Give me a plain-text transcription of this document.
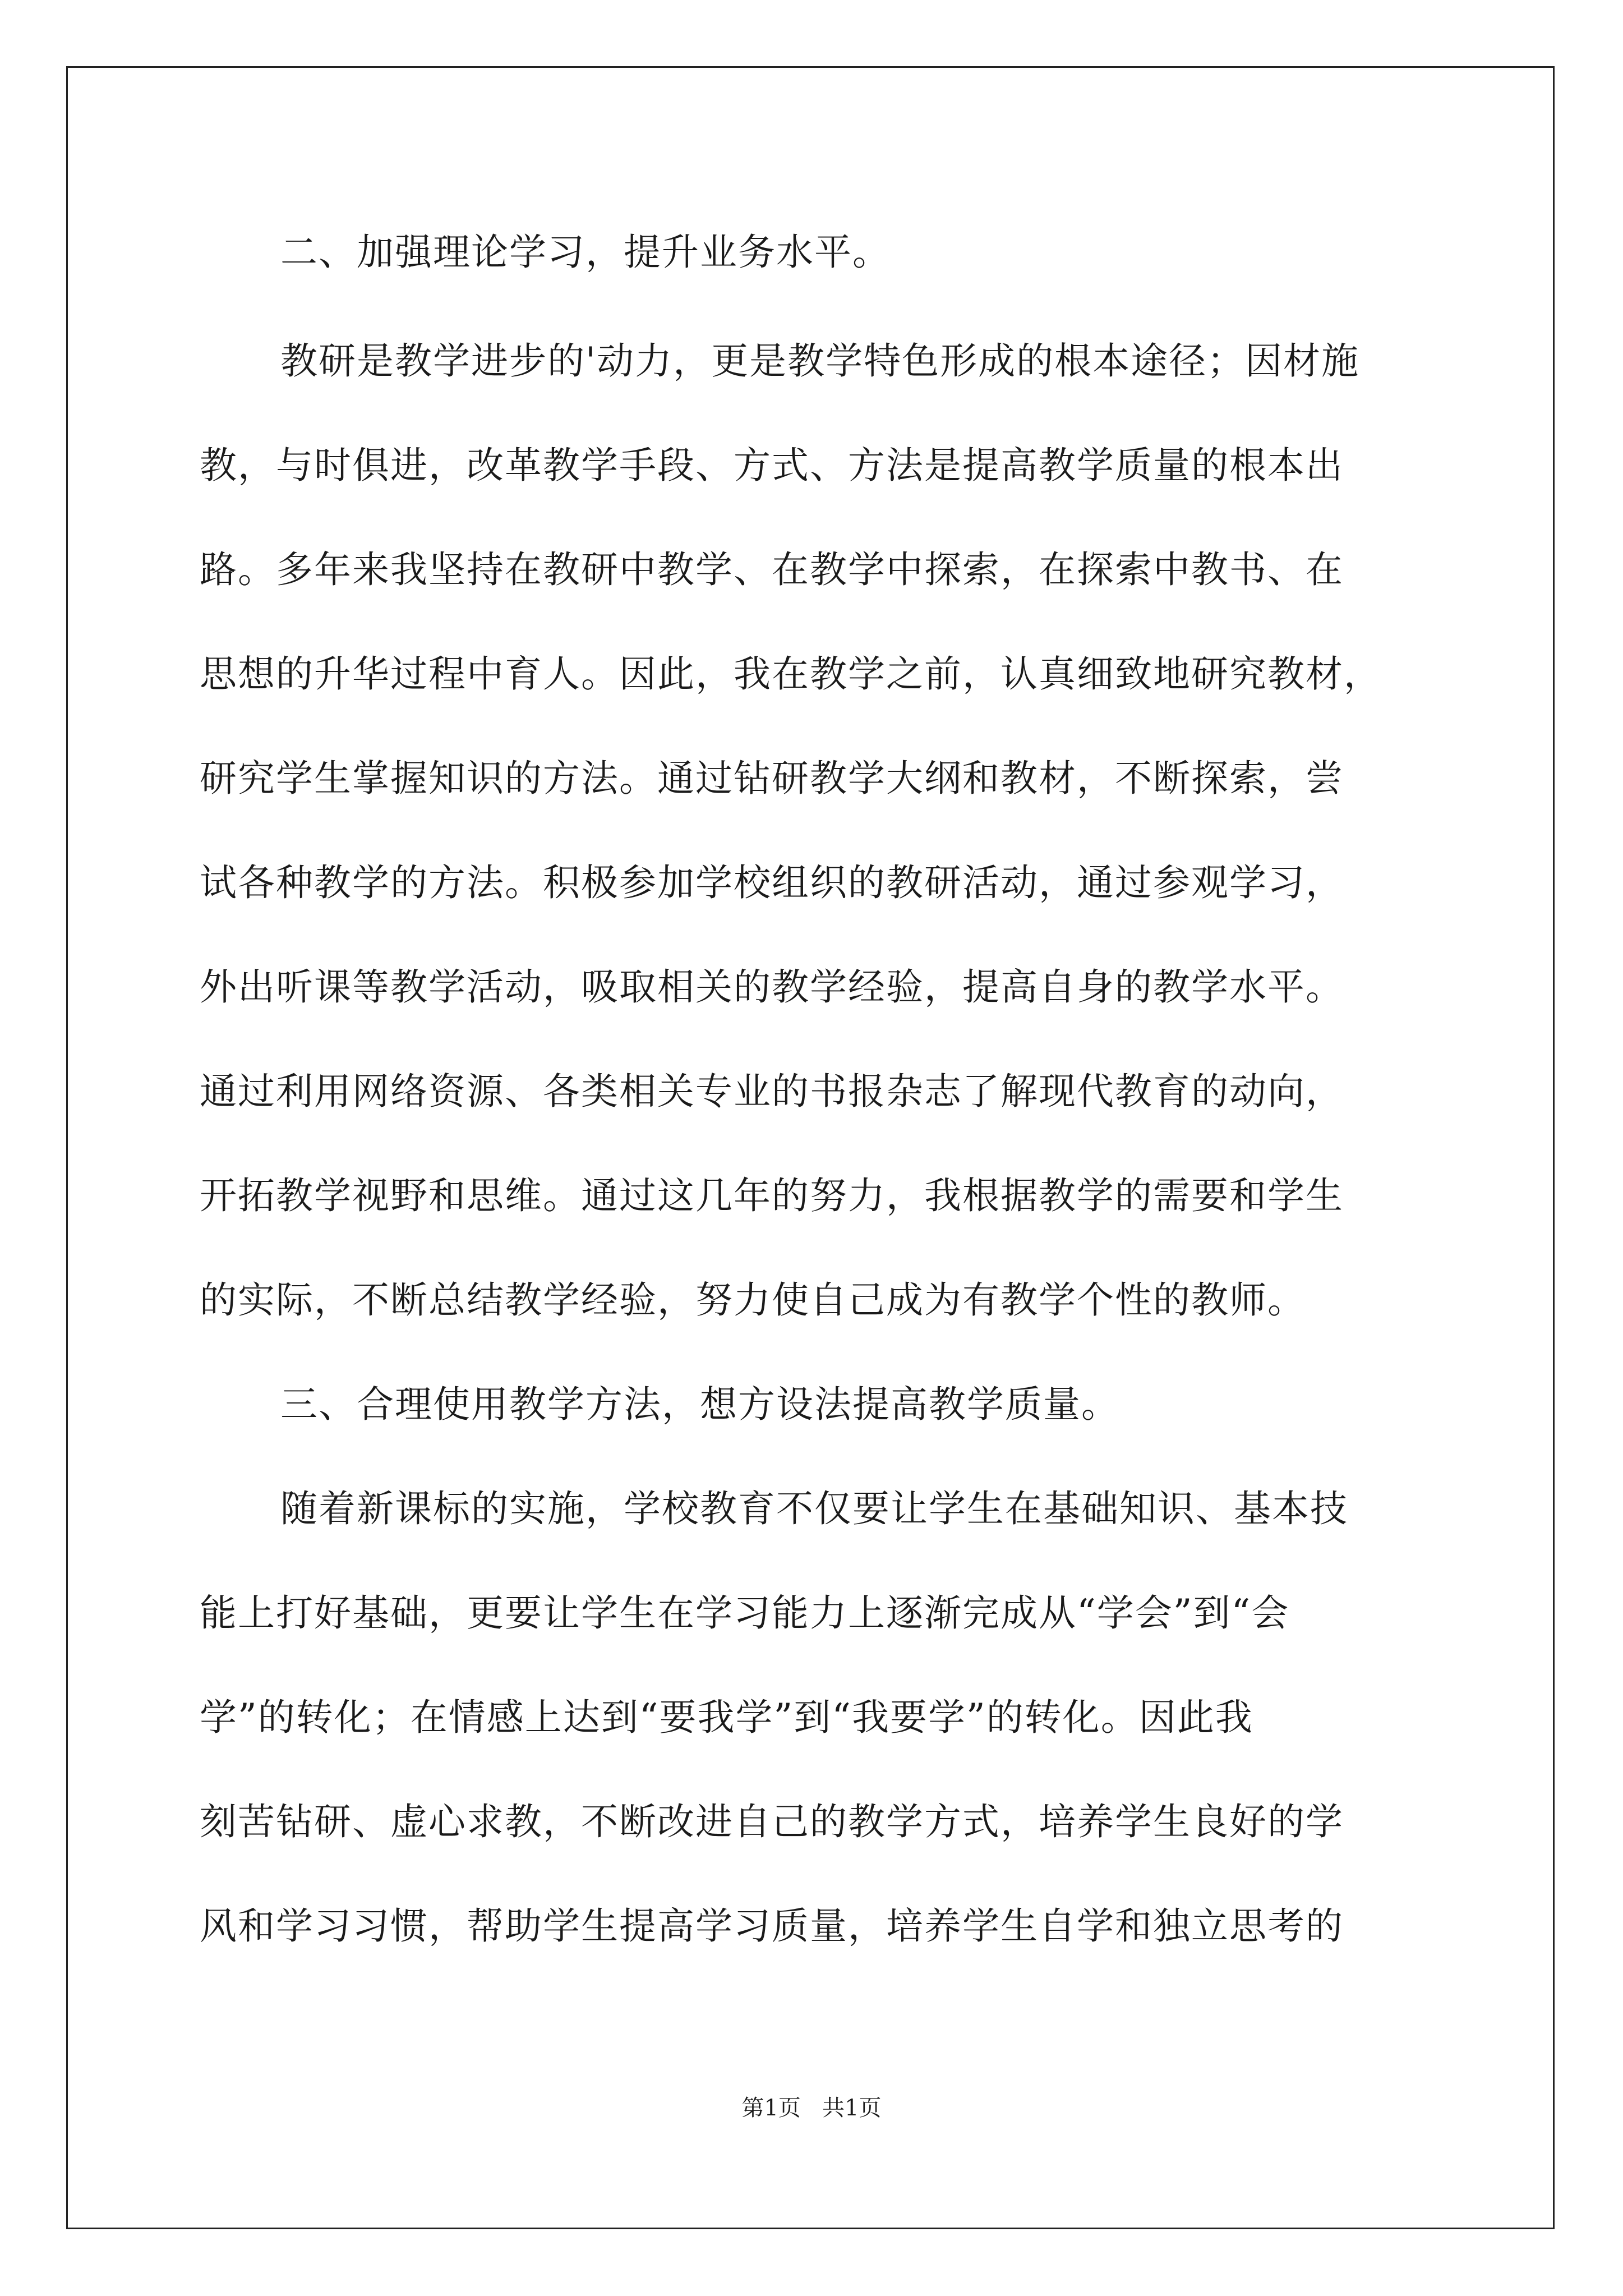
二、加强理论学习，提升业务水平。
教研是教学进步的'动力，更是教学特色形成的根本途径；因材施
教，与时俱进，改革教学手段、方式、方法是提高教学质量的根本出
路。多年来我坚持在教研中教学、在教学中探索，在探索中教书、在
思想的升华过程中育人。因此，我在教学之前，认真细致地研究教材，
研究学生掌握知识的方法。通过钻研教学大纲和教材，不断探索，尝
试各种教学的方法。积极参加学校组织的教研活动，通过参观学习，
外出听课等教学活动，吸取相关的教学经验，提高自身的教学水平。
通过利用网络资源、各类相关专业的书报杂志了解现代教育的动向，
开拓教学视野和思维。通过这几年的努力，我根据教学的需要和学生
的实际，不断总结教学经验，努力使自己成为有教学个性的教师。
三、合理使用教学方法，想方设法提高教学质量。
随着新课标的实施，学校教育不仅要让学生在基础知识、基本技
能上打好基础，更要让学生在学习能力上逐渐完成从“学会”到“会
学”的转化；在情感上达到“要我学”到“我要学”的转化。因此我
刻苦钻研、虚心求教，不断改进自己的教学方式，培养学生良好的学
风和学习习惯，帮助学生提高学习质量，培养学生自学和独立思考的
第1页   共1页
